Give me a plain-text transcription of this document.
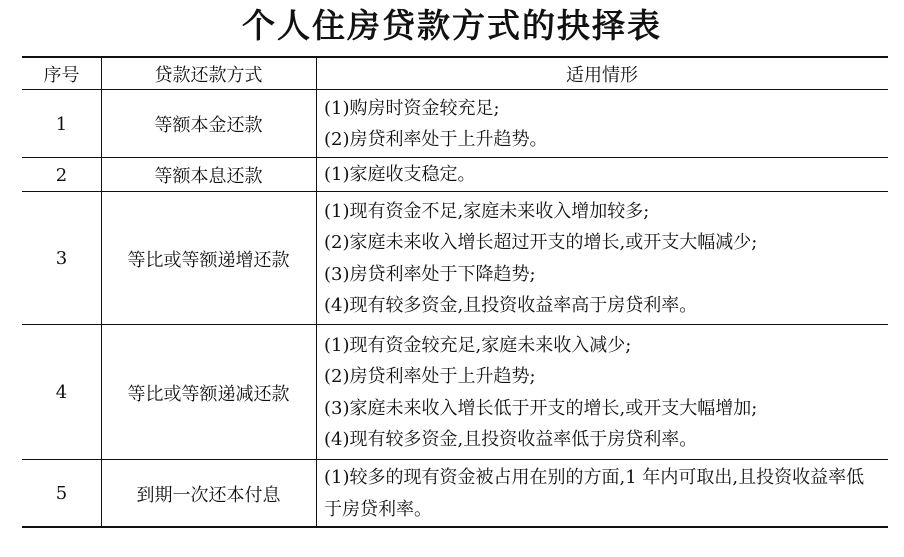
个人住房贷款方式的抉择表
序号	贷款还款方式	适用情形
1	等额本金还款	(1)购房时资金较充足;
(2)房贷利率处于上升趋势。

2	等额本息还款	(1)家庭收支稳定。

3	等比或等额递增还款	(1)现有资金不足,家庭未来收入增加较多;
(2)家庭未来收入增长超过开支的增长,或开支大幅减少;
(3)房贷利率处于下降趋势;
(4)现有较多资金,且投资收益率高于房贷利率。

4	等比或等额递减还款	(1)现有资金较充足,家庭未来收入减少;
(2)房贷利率处于上升趋势;
(3)家庭未来收入增长低于开支的增长,或开支大幅增加;
(4)现有较多资金,且投资收益率低于房贷利率。

5	到期一次还本付息	(1)较多的现有资金被占用在别的方面,1 年内可取出,且投资收益率低于房贷利率。
